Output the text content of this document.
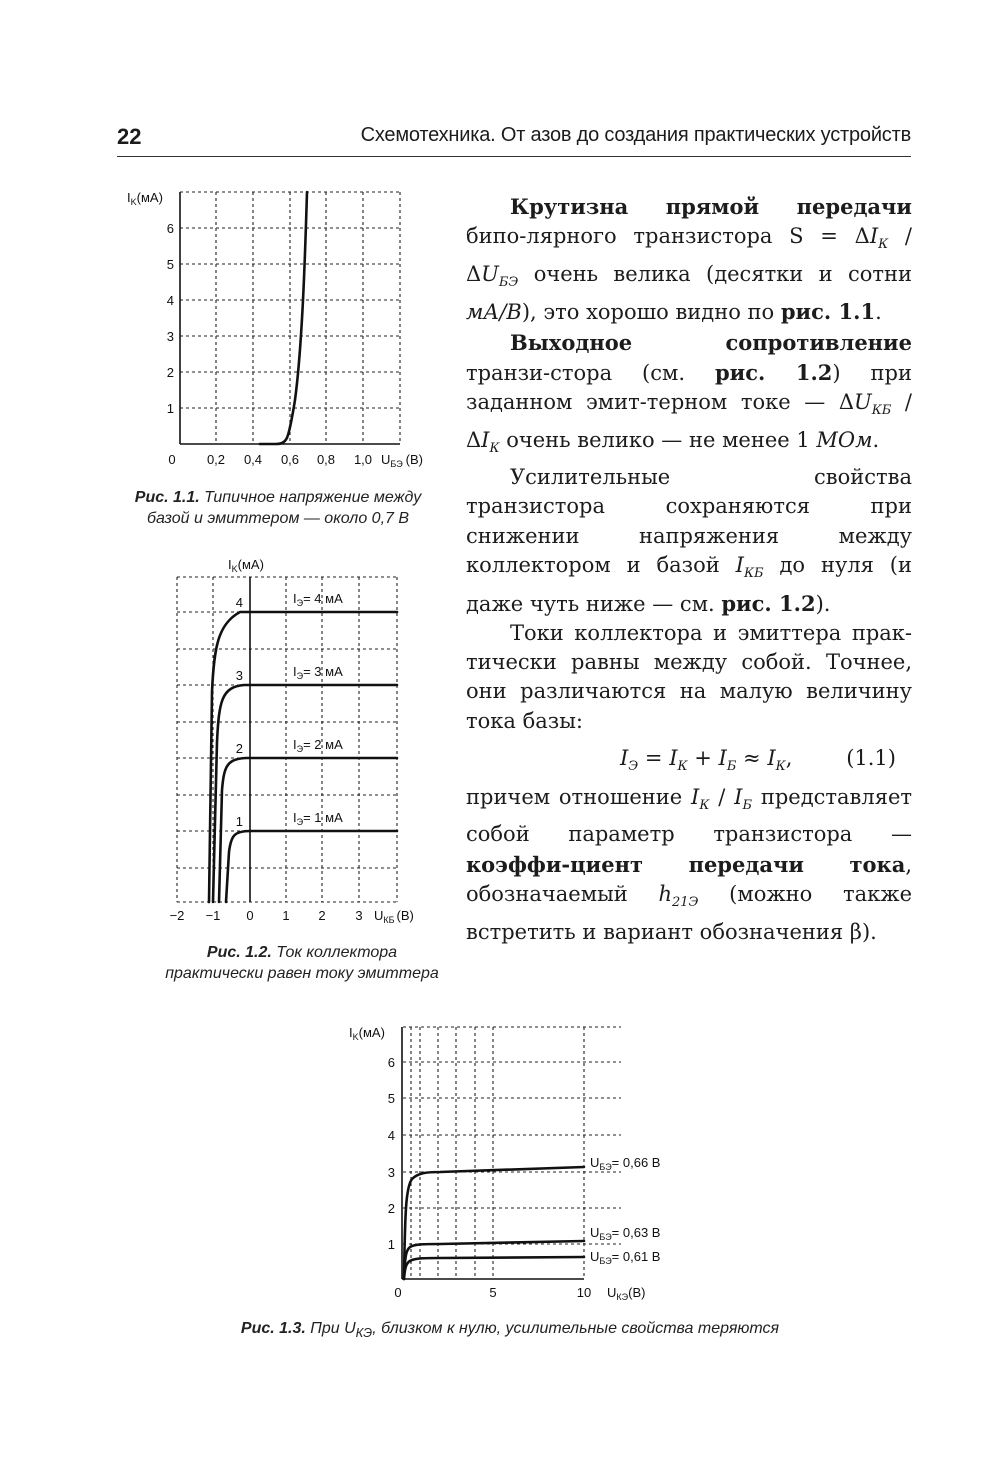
22	Схемотехника. От азов до создания практических устройств

Крутизна прямой передачи бипо-лярного транзистора $S = \Delta I_К / \Delta U_{БЭ}$ очень велика (десятки и сотни мА/В), это хорошо видно по рис. 1.1.

Выходное сопротивление транзи-стора (см. рис. 1.2) при заданном эмит-терном токе — $\Delta U_{КБ} / \Delta I_К$ очень велико — не менее 1 МОм.

Усилительные свойства транзистора сохраняются при снижении напряжения между коллектором и базой $I_{КБ}$ до нуля (и даже чуть ниже — см. рис. 1.2).

Токи коллектора и эмиттера прак-тически равны между собой. Точнее, они различаются на малую величину тока базы:

$I_Э = I_К + I_Б \approx I_К$,	(1.1)

причем отношение $I_К / I_Б$ представляет собой параметр транзистора — коэффи-циент передачи тока, обозначаемый $h_{21Э}$ (можно также встретить и вариант обозначения β).

$I_K(мА)$
6
5
4
3
2
1
0 0,2 0,4 0,6 0,8 1,0 $U_{БЭ}$ (В)
Рис. 1.1. Типичное напряжение между
базой и эмиттером — около 0,7 В
$I_K(мА)$
4	$I_Э= 4$ мА
3	$I_Э= 3$ мА
2	$I_Э= 2$ мА
1	$I_Э= 1$ мА
−2 −1 0 1 2 3 $U_{КБ}$ (В)
Рис. 1.2. Ток коллектора
практически равен току эмиттера
$I_K(мА)$
6
5
4
3
2
1
0	5	10 $U_{КЭ}(В)$
$U_{БЭ}= 0,66$ В
$U_{БЭ}= 0,63$ В
$U_{БЭ}= 0,61$ В
Рис. 1.3. При $U_{КЭ}$, близком к нулю, усилительные свойства теряются
